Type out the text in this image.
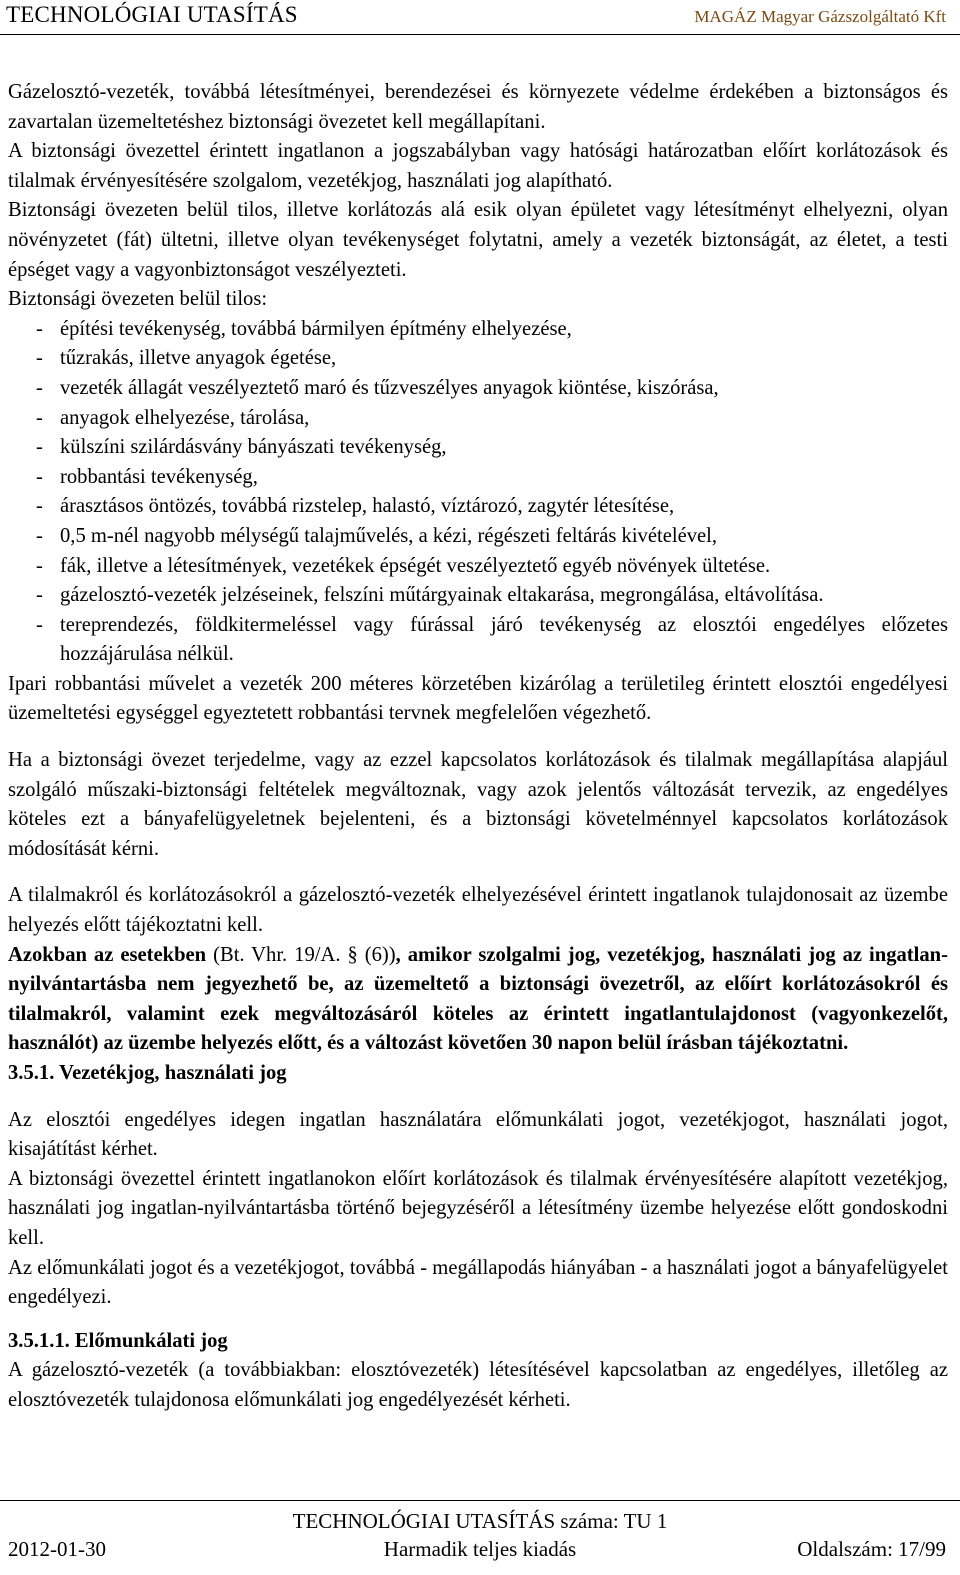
TECHNOLÓGIAI UTASÍTÁS	MAGÁZ Magyar Gázszolgáltató Kft

Gázelosztó-vezeték, továbbá létesítményei, berendezései és környezete védelme érdekében a biztonságos és zavartalan üzemeltetéshez biztonsági övezetet kell megállapítani.

A biztonsági övezettel érintett ingatlanon a jogszabályban vagy hatósági határozatban előírt korlátozások és tilalmak érvényesítésére szolgalom, vezetékjog, használati jog alapítható.

Biztonsági övezeten belül tilos, illetve korlátozás alá esik olyan épületet vagy létesítményt elhelyezni, olyan növényzetet (fát) ültetni, illetve olyan tevékenységet folytatni, amely a vezeték biztonságát, az életet, a testi épséget vagy a vagyonbiztonságot veszélyezteti.

Biztonsági övezeten belül tilos:

- építési tevékenység, továbbá bármilyen építmény elhelyezése,
- tűzrakás, illetve anyagok égetése,
- vezeték állagát veszélyeztető maró és tűzveszélyes anyagok kiöntése, kiszórása,
- anyagok elhelyezése, tárolása,
- külszíni szilárdásvány bányászati tevékenység,
- robbantási tevékenység,
- árasztásos öntözés, továbbá rizstelep, halastó, víztározó, zagytér létesítése,
- 0,5 m-nél nagyobb mélységű talajművelés, a kézi, régészeti feltárás kivételével,
- fák, illetve a létesítmények, vezetékek épségét veszélyeztető egyéb növények ültetése.
- gázelosztó-vezeték jelzéseinek, felszíni műtárgyainak eltakarása, megrongálása, eltávolítása.
- tereprendezés, földkitermeléssel vagy fúrással járó tevékenység az elosztói engedélyes előzetes hozzájárulása nélkül.

Ipari robbantási művelet a vezeték 200 méteres körzetében kizárólag a területileg érintett elosztói engedélyesi üzemeltetési egységgel egyeztetett robbantási tervnek megfelelően végezhető.

Ha a biztonsági övezet terjedelme, vagy az ezzel kapcsolatos korlátozások és tilalmak megállapítása alapjául szolgáló műszaki-biztonsági feltételek megváltoznak, vagy azok jelentős változását tervezik, az engedélyes köteles ezt a bányafelügyeletnek bejelenteni, és a biztonsági követelménnyel kapcsolatos korlátozások módosítását kérni.

A tilalmakról és korlátozásokról a gázelosztó-vezeték elhelyezésével érintett ingatlanok tulajdonosait az üzembe helyezés előtt tájékoztatni kell.

Azokban az esetekben (Bt. Vhr. 19/A. § (6)), amikor szolgalmi jog, vezetékjog, használati jog az ingatlan-nyilvántartásba nem jegyezhető be, az üzemeltető a biztonsági övezetről, az előírt korlátozásokról és tilalmakról, valamint ezek megváltozásáról köteles az érintett ingatlantulajdonost (vagyonkezelőt, használót) az üzembe helyezés előtt, és a változást követően 30 napon belül írásban tájékoztatni.

3.5.1. Vezetékjog, használati jog

Az elosztói engedélyes idegen ingatlan használatára előmunkálati jogot, vezetékjogot, használati jogot, kisajátítást kérhet.

A biztonsági övezettel érintett ingatlanokon előírt korlátozások és tilalmak érvényesítésére alapított vezetékjog, használati jog ingatlan-nyilvántartásba történő bejegyzéséről a létesítmény üzembe helyezése előtt gondoskodni kell.

Az előmunkálati jogot és a vezetékjogot, továbbá - megállapodás hiányában - a használati jogot a bányafelügyelet engedélyezi.

3.5.1.1. Előmunkálati jog

A gázelosztó-vezeték (a továbbiakban: elosztóvezeték) létesítésével kapcsolatban az engedélyes, illetőleg az elosztóvezeték tulajdonosa előmunkálati jog engedélyezését kérheti.

TECHNOLÓGIAI UTASÍTÁS száma: TU 1
2012-01-30	Harmadik teljes kiadás	Oldalszám: 17/99
